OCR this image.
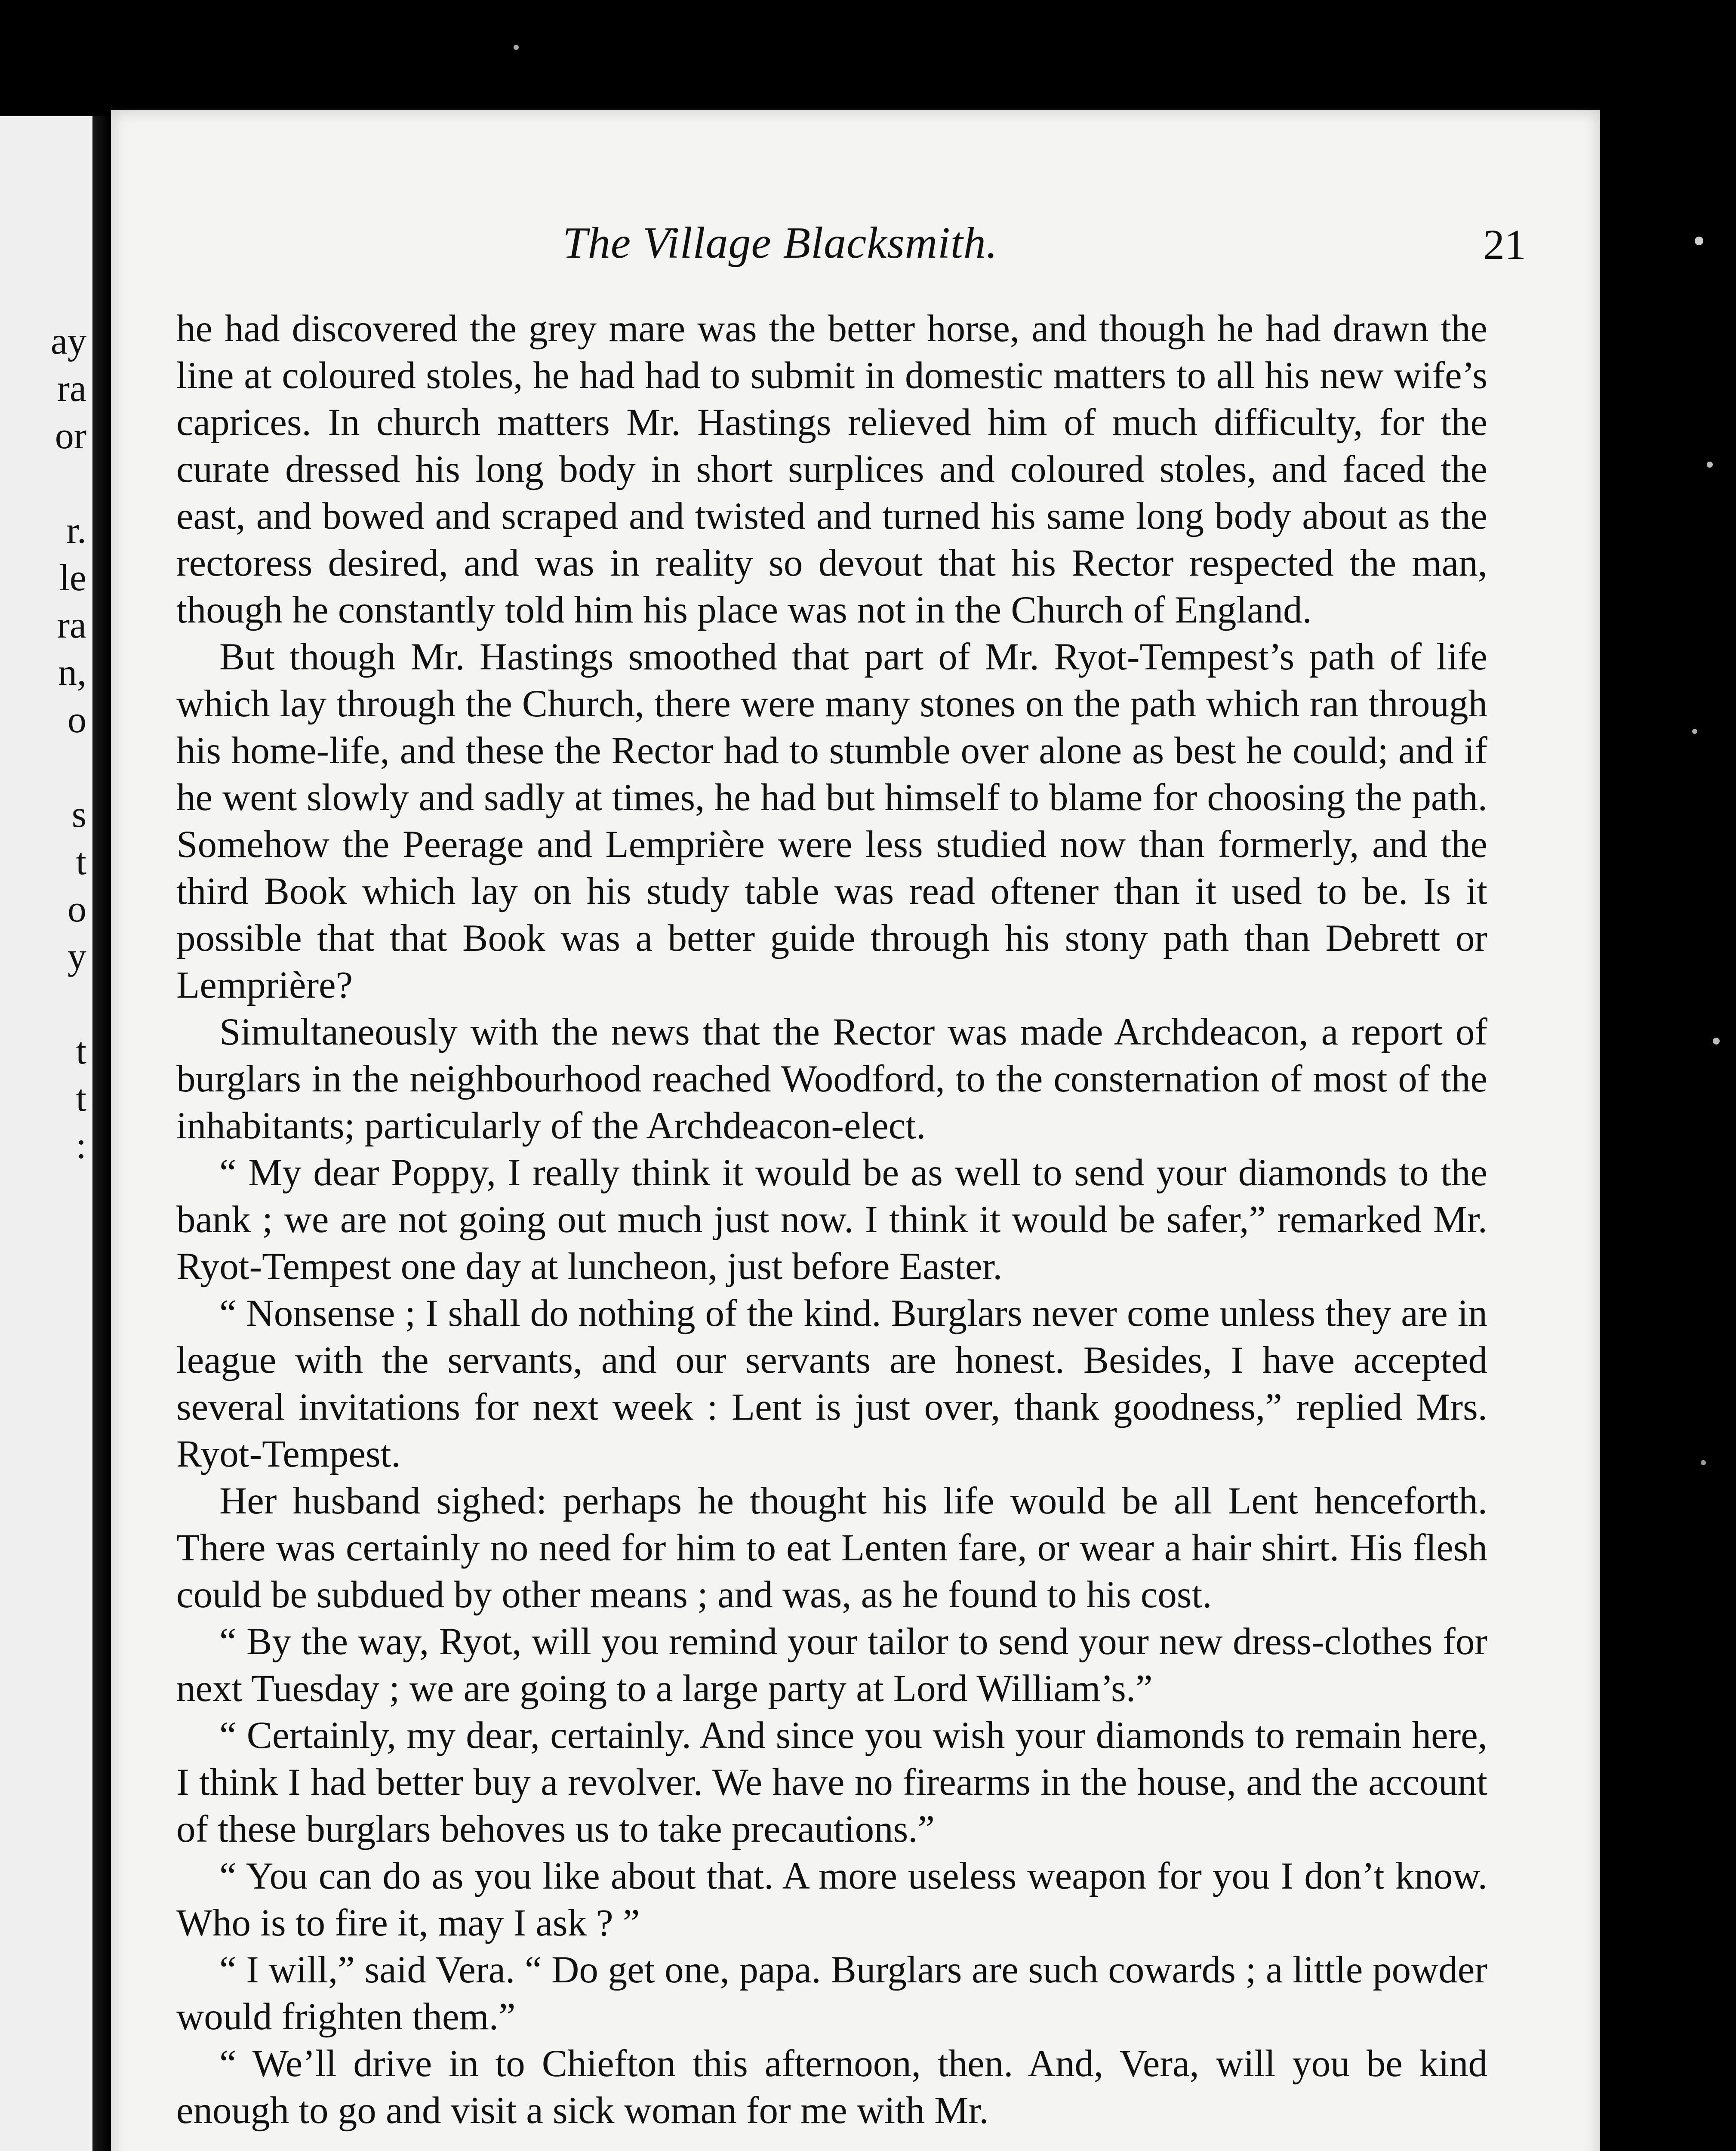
ay
ra
or
r.
le
ra
n,
o
s
t
o
y
t
t
:
The Village Blacksmith.	21

he had discovered the grey mare was the better horse, and though he had drawn the line at coloured stoles, he had had to submit in domestic matters to all his new wife’s caprices. In church matters Mr. Hastings relieved him of much difficulty, for the curate dressed his long body in short surplices and coloured stoles, and faced the east, and bowed and scraped and twisted and turned his same long body about as the rectoress desired, and was in reality so devout that his Rector respected the man, though he constantly told him his place was not in the Church of England.

But though Mr. Hastings smoothed that part of Mr. Ryot-Tempest’s path of life which lay through the Church, there were many stones on the path which ran through his home-life, and these the Rector had to stumble over alone as best he could; and if he went slowly and sadly at times, he had but himself to blame for choosing the path. Somehow the Peerage and Lemprière were less studied now than formerly, and the third Book which lay on his study table was read oftener than it used to be. Is it possible that that Book was a better guide through his stony path than Debrett or Lemprière?

Simultaneously with the news that the Rector was made Archdeacon, a report of burglars in the neighbourhood reached Woodford, to the consternation of most of the inhabitants; particularly of the Archdeacon-elect.

“ My dear Poppy, I really think it would be as well to send your diamonds to the bank ; we are not going out much just now. I think it would be safer,” remarked Mr. Ryot-Tempest one day at luncheon, just before Easter.

“ Nonsense ; I shall do nothing of the kind. Burglars never come unless they are in league with the servants, and our servants are honest. Besides, I have accepted several invitations for next week : Lent is just over, thank goodness,” replied Mrs. Ryot-Tempest.

Her husband sighed: perhaps he thought his life would be all Lent henceforth. There was certainly no need for him to eat Lenten fare, or wear a hair shirt. His flesh could be subdued by other means ; and was, as he found to his cost.

“ By the way, Ryot, will you remind your tailor to send your new dress-clothes for next Tuesday ; we are going to a large party at Lord William’s.”

“ Certainly, my dear, certainly. And since you wish your diamonds to remain here, I think I had better buy a revolver. We have no firearms in the house, and the account of these burglars behoves us to take precautions.”

“ You can do as you like about that. A more useless weapon for you I don’t know. Who is to fire it, may I ask ? ”

“ I will,” said Vera. “ Do get one, papa. Burglars are such cowards ; a little powder would frighten them.”

“ We’ll drive in to Chiefton this afternoon, then. And, Vera, will you be kind enough to go and visit a sick woman for me with Mr.
